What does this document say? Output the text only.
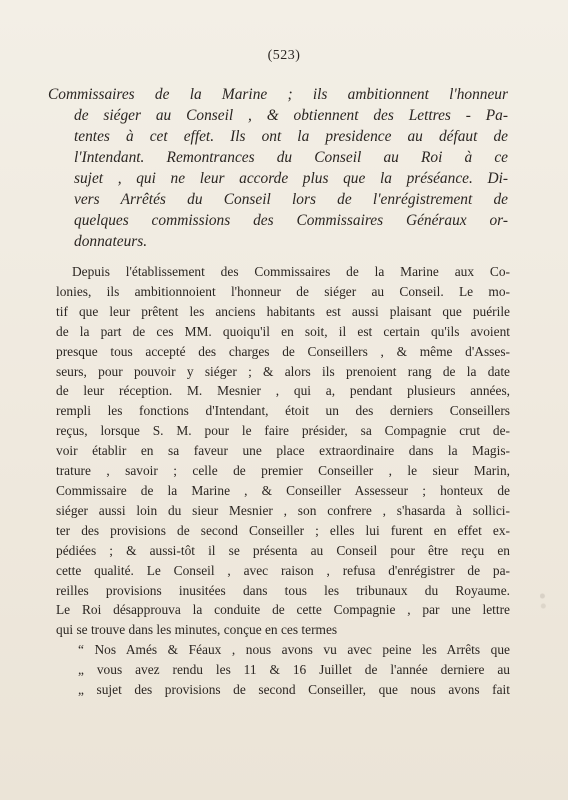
(523)
Commissaires de la Marine ; ils ambitionnent l'honneur
de siéger au Conseil , & obtiennent des Lettres - Pa-
tentes à cet effet. Ils ont la presidence au défaut de
l'Intendant. Remontrances du Conseil au Roi à ce
sujet , qui ne leur accorde plus que la préséance. Di-
vers Arrêtés du Conseil lors de l'enrégistrement de
quelques commissions des Commissaires Généraux or-
donnateurs.
Depuis l'établissement des Commissaires de la Marine aux Co-
lonies, ils ambitionnoient l'honneur de siéger au Conseil. Le mo-
tif que leur prêtent les anciens habitants est aussi plaisant que puérile
de la part de ces MM. quoiqu'il en soit, il est certain qu'ils avoient
presque tous accepté des charges de Conseillers , & même d'Asses-
seurs, pour pouvoir y siéger ; & alors ils prenoient rang de la date
de leur réception. M. Mesnier , qui a, pendant plusieurs années,
rempli les fonctions d'Intendant, étoit un des derniers Conseillers
reçus, lorsque S. M. pour le faire présider, sa Compagnie crut de-
voir établir en sa faveur une place extraordinaire dans la Magis-
trature , savoir ; celle de premier Conseiller , le sieur Marin,
Commissaire de la Marine , & Conseiller Assesseur ; honteux de
siéger aussi loin du sieur Mesnier , son confrere , s'hasarda à sollici-
ter des provisions de second Conseiller ; elles lui furent en effet ex-
pédiées ; & aussi-tôt il se présenta au Conseil pour être reçu en
cette qualité. Le Conseil , avec raison , refusa d'enrégistrer de pa-
reilles provisions inusitées dans tous les tribunaux du Royaume.
Le Roi désapprouva la conduite de cette Compagnie , par une lettre
qui se trouve dans les minutes, conçue en ces termes
“ Nos Amés & Féaux , nous avons vu avec peine les Arrêts que
„ vous avez rendu les 11 & 16 Juillet de l'année derniere au
„ sujet des provisions de second Conseiller, que nous avons fait
